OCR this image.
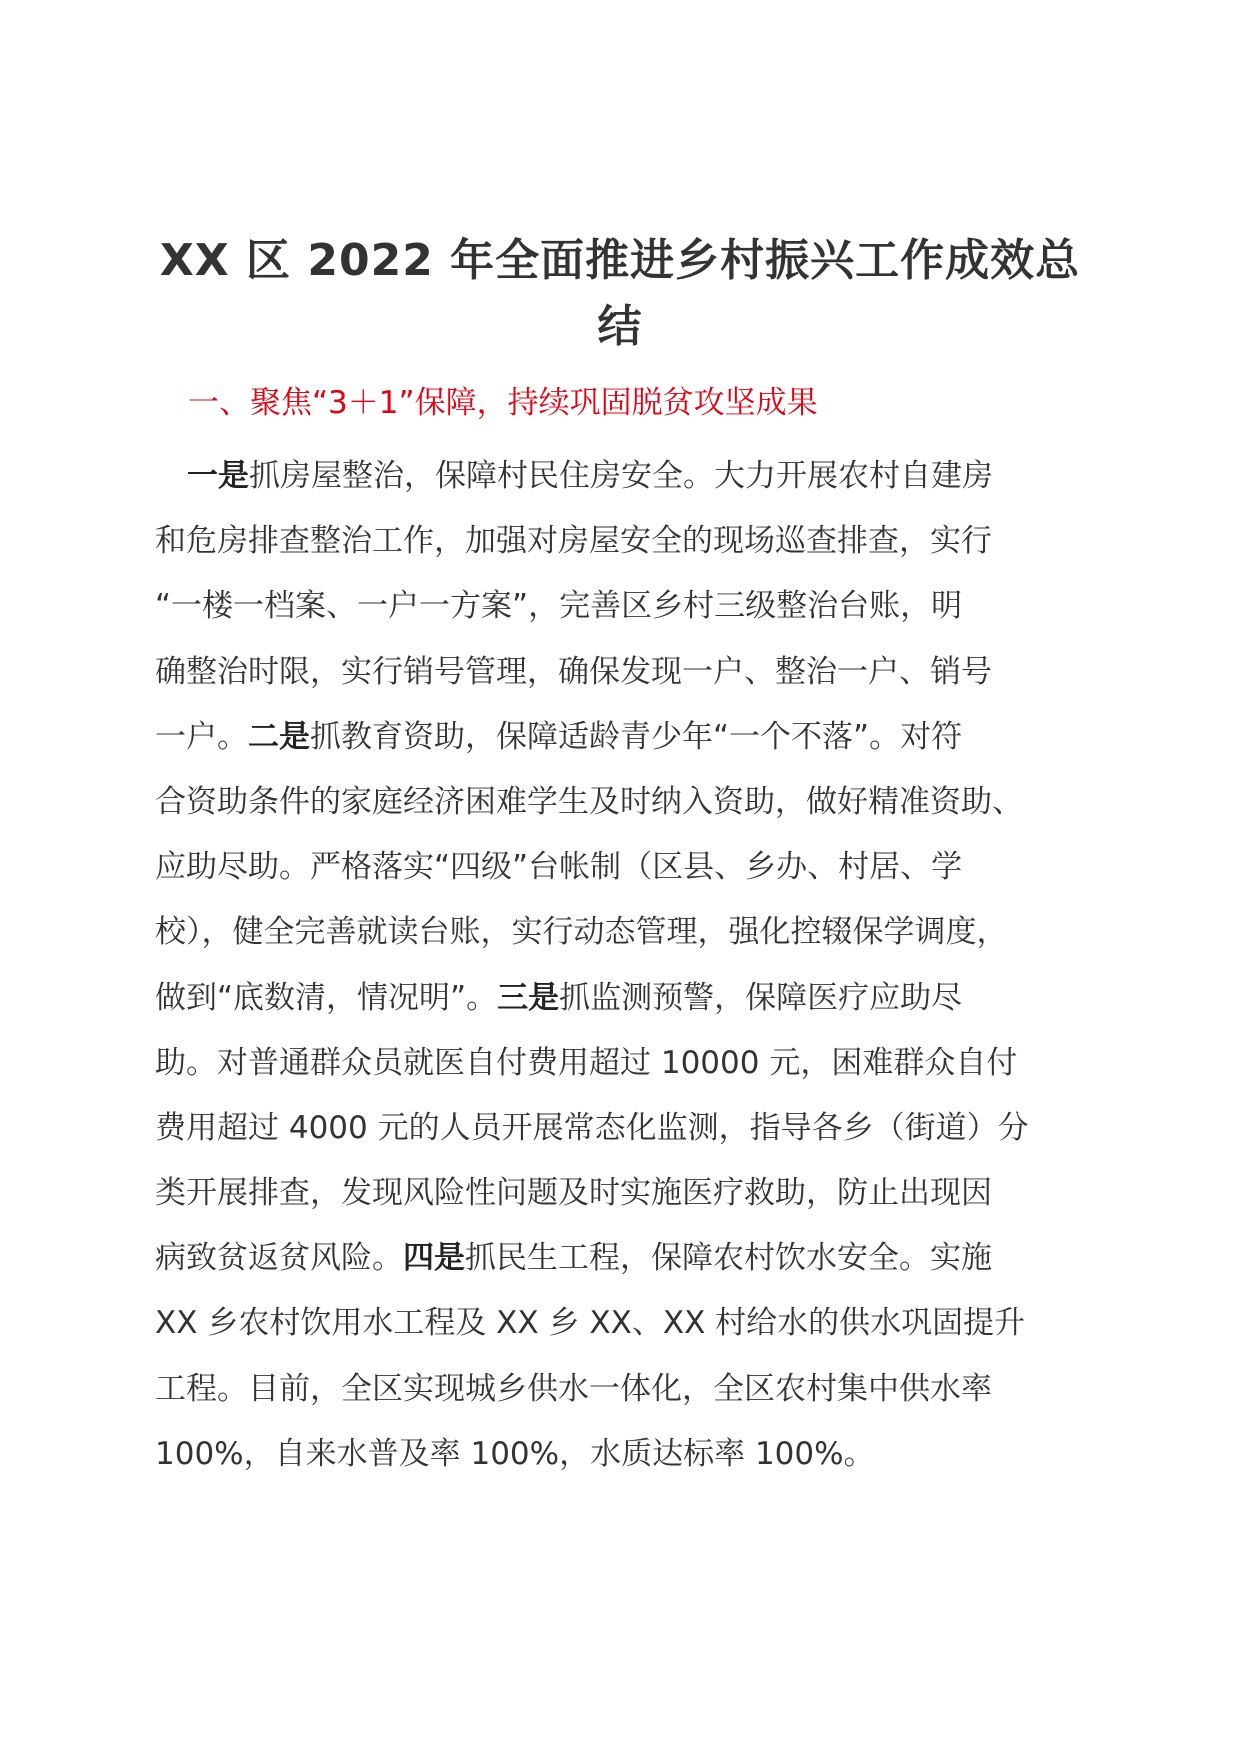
XX 区 2022 年全面推进乡村振兴工作成效总
结
一、聚焦“3＋1”保障，持续巩固脱贫攻坚成果
一是抓房屋整治，保障村民住房安全。大力开展农村自建房
和危房排查整治工作，加强对房屋安全的现场巡查排查，实行
“一楼一档案、一户一方案”，完善区乡村三级整治台账，明
确整治时限，实行销号管理，确保发现一户、整治一户、销号
一户。二是抓教育资助，保障适龄青少年“一个不落”。对符
合资助条件的家庭经济困难学生及时纳入资助，做好精准资助、
应助尽助。严格落实“四级”台帐制（区县、乡办、村居、学
校），健全完善就读台账，实行动态管理，强化控辍保学调度，
做到“底数清，情况明”。三是抓监测预警，保障医疗应助尽
助。对普通群众员就医自付费用超过 10000 元，困难群众自付
费用超过 4000 元的人员开展常态化监测，指导各乡（街道）分
类开展排查，发现风险性问题及时实施医疗救助，防止出现因
病致贫返贫风险。四是抓民生工程，保障农村饮水安全。实施
XX 乡农村饮用水工程及 XX 乡 XX、XX 村给水的供水巩固提升
工程。目前，全区实现城乡供水一体化，全区农村集中供水率
100%，自来水普及率 100%，水质达标率 100%。
